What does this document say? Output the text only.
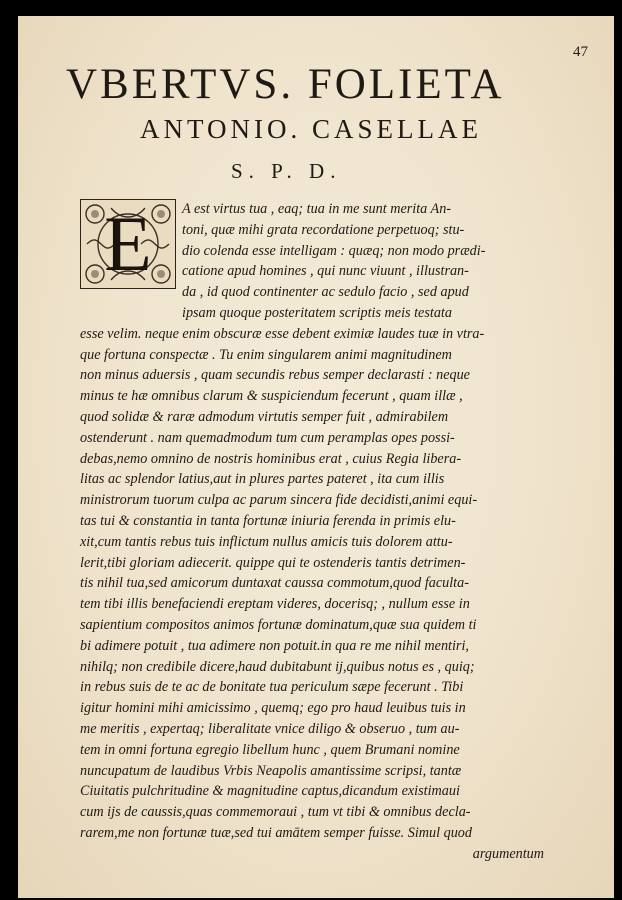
47
VBERTVS. FOLIETA
ANTONIO. CASELLAE
S. P. D.
E	A est virtus tua , eaq; tua in me sunt merita An-
toni, quæ mihi grata recordatione perpetuoq; stu-
dio colenda esse intelligam : quæq; non modo prædi-
catione apud homines , qui nunc viuunt , illustran-
da , id quod continenter ac sedulo facio , sed apud
ipsam quoque posteritatem scriptis meis testata
esse velim. neque enim obscuræ esse debent eximiæ laudes tuæ in vtra-
que fortuna conspectæ . Tu enim singularem animi magnitudinem
non minus aduersis , quam secundis rebus semper declarasti : neque
minus te hæ omnibus clarum & suspiciendum fecerunt , quam illæ ,
quod solidæ & raræ admodum virtutis semper fuit , admirabilem
ostenderunt . nam quemadmodum tum cum peramplas opes possi-
debas,nemo omnino de nostris hominibus erat , cuius Regia libera-
litas ac splendor latius,aut in plures partes pateret , ita cum illis
ministrorum tuorum culpa ac parum sincera fide decidisti,animi equi-
tas tui & constantia in tanta fortunæ iniuria ferenda in primis elu-
xit,cum tantis rebus tuis inflictum nullus amicis tuis dolorem attu-
lerit,tibi gloriam adiecerit. quippe qui te ostenderis tantis detrimen-
tis nihil tua,sed amicorum duntaxat caussa commotum,quod faculta-
tem tibi illis benefaciendi ereptam videres, docerisq; , nullum esse in
sapientium compositos animos fortunæ dominatum,quæ sua quidem ti
bi adimere potuit , tua adimere non potuit.in qua re me nihil mentiri,
nihilq; non credibile dicere,haud dubitabunt ij,quibus notus es , quiq;
in rebus suis de te ac de bonitate tua periculum sæpe fecerunt . Tibi
igitur homini mihi amicissimo , quemq; ego pro haud leuibus tuis in
me meritis , expertaq; liberalitate vnice diligo & obseruo , tum au-
tem in omni fortuna egregio libellum hunc , quem Brumani nomine
nuncupatum de laudibus Vrbis Neapolis amantissime scripsi, tantæ
Ciuitatis pulchritudine & magnitudine captus,dicandum existimaui
cum ijs de caussis,quas commemoraui , tum vt tibi & omnibus decla-
rarem,me non fortunæ tuæ,sed tui amātem semper fuisse. Simul quod
argumentum
